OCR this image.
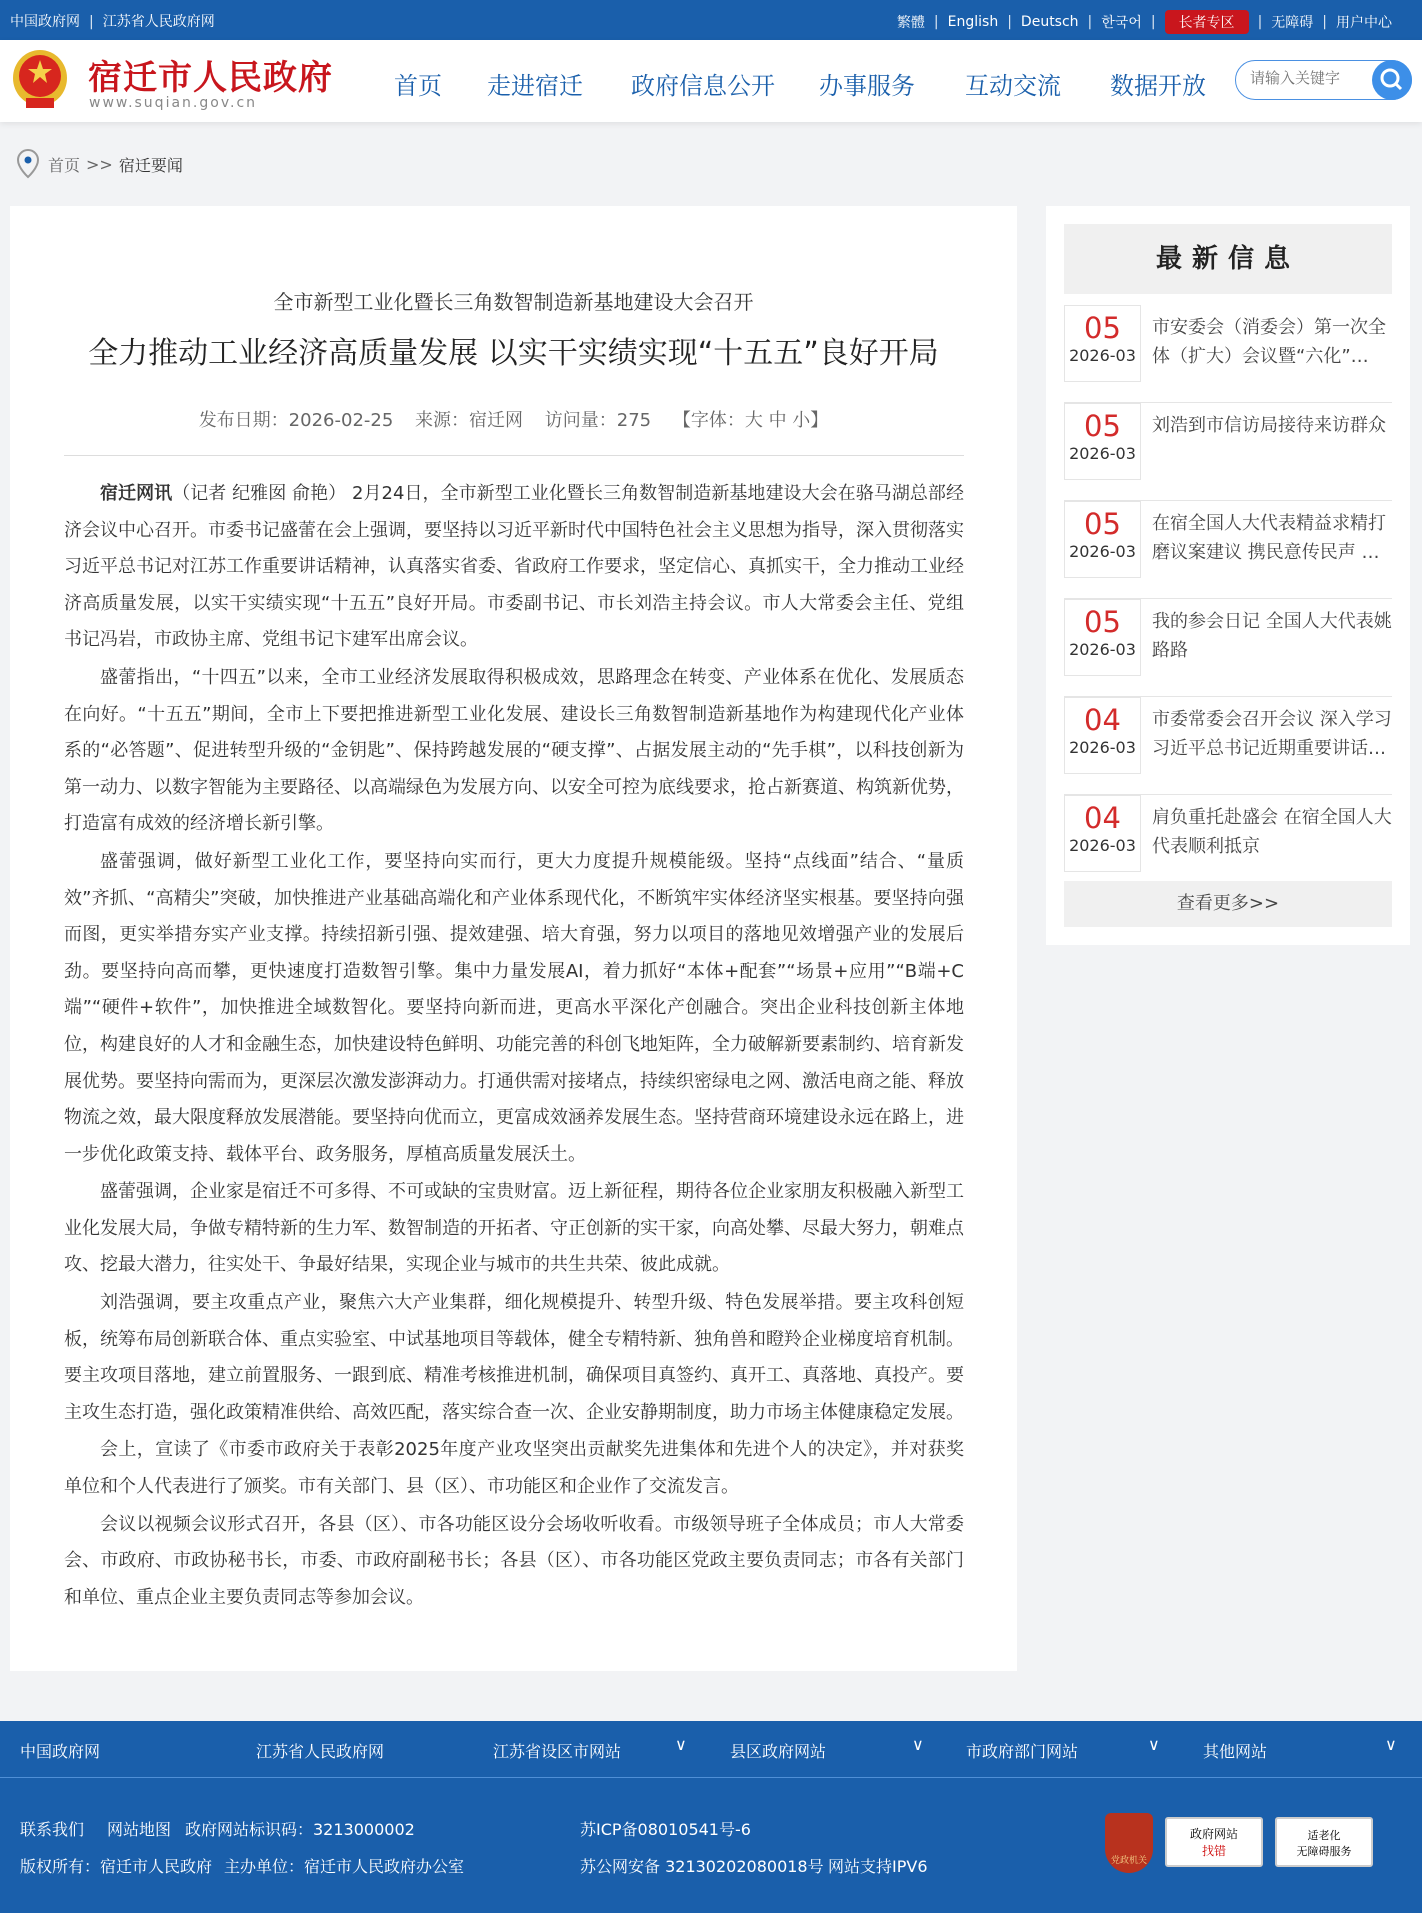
中国政府网 | 江苏省人民政府网	繁體 | English | Deutsch | 한국어 |	长者专区	| 无障碍 | 用户中心
宿迁市人民政府
www.suqian.gov.cn
首页 走进宿迁 政府信息公开 办事服务 互动交流 数据开放
请输入关键字
首页 >> 宿迁要闻
全市新型工业化暨长三角数智制造新基地建设大会召开
全力推动工业经济高质量发展 以实干实绩实现“十五五”良好开局
发布日期：2026-02-25 来源：宿迁网 访问量：275 【字体：大 中 小】

宿迁网讯（记者 纪雅囡 俞艳） 2月24日，全市新型工业化暨长三角数智制造新基地建设大会在骆马湖总部经济会议中心召开。市委书记盛蕾在会上强调，要坚持以习近平新时代中国特色社会主义思想为指导，深入贯彻落实习近平总书记对江苏工作重要讲话精神，认真落实省委、省政府工作要求，坚定信心、真抓实干，全力推动工业经济高质量发展，以实干实绩实现“十五五”良好开局。市委副书记、市长刘浩主持会议。市人大常委会主任、党组书记冯岩，市政协主席、党组书记卞建军出席会议。

盛蕾指出，“十四五”以来，全市工业经济发展取得积极成效，思路理念在转变、产业体系在优化、发展质态在向好。“十五五”期间，全市上下要把推进新型工业化发展、建设长三角数智制造新基地作为构建现代化产业体系的“必答题”、促进转型升级的“金钥匙”、保持跨越发展的“硬支撑”、占据发展主动的“先手棋”，以科技创新为第一动力、以数字智能为主要路径、以高端绿色为发展方向、以安全可控为底线要求，抢占新赛道、构筑新优势，打造富有成效的经济增长新引擎。

盛蕾强调，做好新型工业化工作，要坚持向实而行，更大力度提升规模能级。坚持“点线面”结合、“量质效”齐抓、“高精尖”突破，加快推进产业基础高端化和产业体系现代化，不断筑牢实体经济坚实根基。要坚持向强而图，更实举措夯实产业支撑。持续招新引强、提效建强、培大育强，努力以项目的落地见效增强产业的发展后劲。要坚持向高而攀，更快速度打造数智引擎。集中力量发展AI，着力抓好“本体+配套”“场景+应用”“B端+C端”“硬件+软件”，加快推进全域数智化。要坚持向新而进，更高水平深化产创融合。突出企业科技创新主体地位，构建良好的人才和金融生态，加快建设特色鲜明、功能完善的科创飞地矩阵，全力破解新要素制约、培育新发展优势。要坚持向需而为，更深层次激发澎湃动力。打通供需对接堵点，持续织密绿电之网、激活电商之能、释放物流之效，最大限度释放发展潜能。要坚持向优而立，更富成效涵养发展生态。坚持营商环境建设永远在路上，进一步优化政策支持、载体平台、政务服务，厚植高质量发展沃土。

盛蕾强调，企业家是宿迁不可多得、不可或缺的宝贵财富。迈上新征程，期待各位企业家朋友积极融入新型工业化发展大局，争做专精特新的生力军、数智制造的开拓者、守正创新的实干家，向高处攀、尽最大努力，朝难点攻、挖最大潜力，往实处干、争最好结果，实现企业与城市的共生共荣、彼此成就。

刘浩强调，要主攻重点产业，聚焦六大产业集群，细化规模提升、转型升级、特色发展举措。要主攻科创短板，统筹布局创新联合体、重点实验室、中试基地项目等载体，健全专精特新、独角兽和瞪羚企业梯度培育机制。要主攻项目落地，建立前置服务、一跟到底、精准考核推进机制，确保项目真签约、真开工、真落地、真投产。要主攻生态打造，强化政策精准供给、高效匹配，落实综合查一次、企业安静期制度，助力市场主体健康稳定发展。

会上，宣读了《市委市政府关于表彰2025年度产业攻坚突出贡献奖先进集体和先进个人的决定》，并对获奖单位和个人代表进行了颁奖。市有关部门、县（区）、市功能区和企业作了交流发言。

会议以视频会议形式召开，各县（区）、市各功能区设分会场收听收看。市级领导班子全体成员；市人大常委会、市政府、市政协秘书长，市委、市政府副秘书长；各县（区）、市各功能区党政主要负责同志；市各有关部门和单位、重点企业主要负责同志等参加会议。

最新信息
05
2026-03
市安委会（消委会）第一次全体（扩大）会议暨“六化”…
05
2026-03
刘浩到市信访局接待来访群众
05
2026-03
在宿全国人大代表精益求精打磨议案建议 携民意传民声 …
05
2026-03
我的参会日记 全国人大代表姚路路
04
2026-03
市委常委会召开会议 深入学习习近平总书记近期重要讲话…
04
2026-03
肩负重托赴盛会 在宿全国人大代表顺利抵京
查看更多>>
中国政府网	江苏省人民政府网	江苏省设区市网站	∨	县区政府网站	∨	市政府部门网站	∨	其他网站	∨
联系我们 网站地图 政府网站标识码：3213000002	苏ICP备08010541号-6
版权所有：宿迁市人民政府 主办单位：宿迁市人民政府办公室	苏公网安备 32130202080018号 网站支持IPV6	党政机关
政府网站
找错
适老化
无障碍服务
